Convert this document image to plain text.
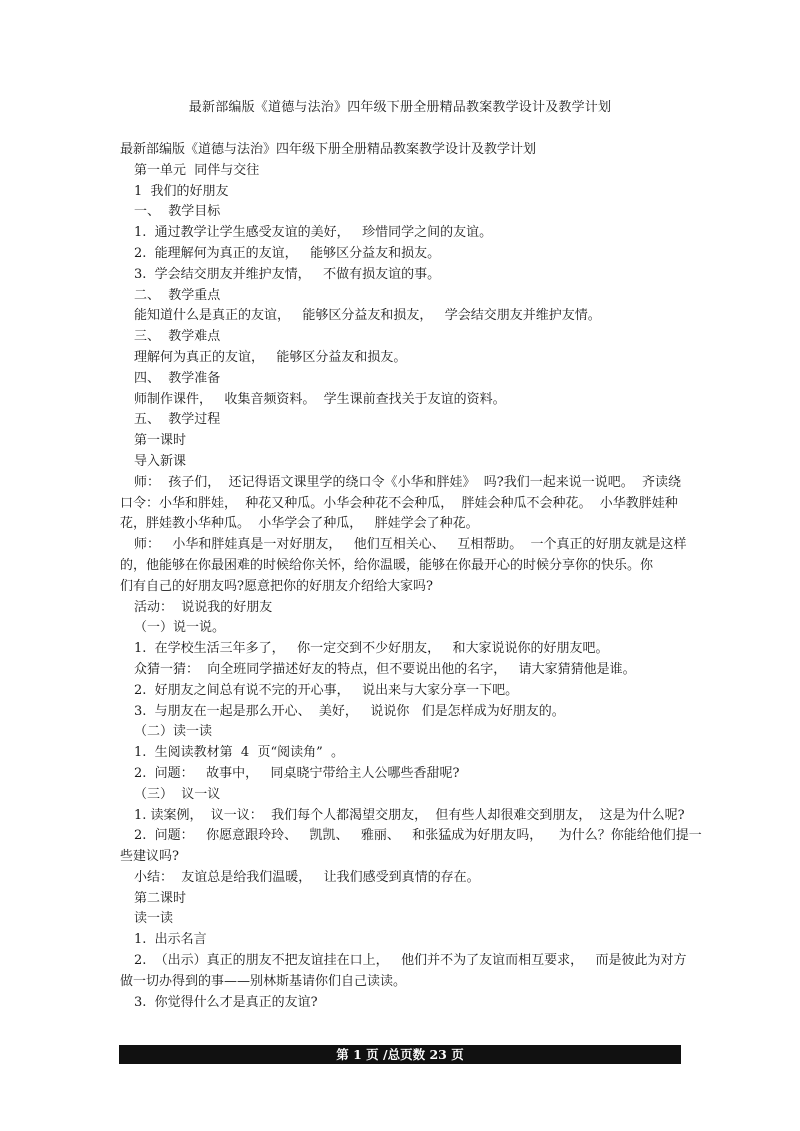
最新部编版《道德与法治》四年级下册全册精品教案教学设计及教学计划
最新部编版《道德与法治》四年级下册全册精品教案教学设计及教学计划
第一单元  同伴与交往
1  我们的好朋友
一、  教学目标
1.  通过教学让学生感受友谊的美好，   珍惜同学之间的友谊。
2.  能理解何为真正的友谊，   能够区分益友和损友。
3.  学会结交朋友并维护友情，   不做有损友谊的事。
二、  教学重点
能知道什么是真正的友谊，   能够区分益友和损友，   学会结交朋友并维护友情。
三、  教学难点
理解何为真正的友谊，   能够区分益友和损友。
四、  教学准备
师制作课件，   收集音频资料。  学生课前查找关于友谊的资料。
五、  教学过程
第一课时
导入新课
师：  孩子们，  还记得语文课里学的绕口令《小华和胖娃》  吗?我们一起来说一说吧。  齐读绕
口令：小华和胖娃，  种花又种瓜。小华会种花不会种瓜，  胖娃会种瓜不会种花。  小华教胖娃种
花，胖娃教小华种瓜。  小华学会了种瓜，   胖娃学会了种花。
师：   小华和胖娃真是一对好朋友，   他们互相关心、   互相帮助。  一个真正的好朋友就是这样
的，他能够在你最困难的时候给你关怀，给你温暖，能够在你最开心的时候分享你的快乐。你
们有自己的好朋友吗?愿意把你的好朋友介绍给大家吗?
活动：  说说我的好朋友
（一）说一说。
1.  在学校生活三年多了，   你一定交到不少好朋友，   和大家说说你的好朋友吧。
众猜一猜：  向全班同学描述好友的特点，但不要说出他的名字，   请大家猜猜他是谁。
2.  好朋友之间总有说不完的开心事，   说出来与大家分享一下吧。
3.  与朋友在一起是那么开心、  美好，   说说你   们是怎样成为好朋友的。
（二）读一读
1.  生阅读教材第  4  页“阅读角”  。
2.  问题：   故事中，   同桌晓宁带给主人公哪些香甜呢?
（三）  议一议
1. 读案例，  议一议：  我们每个人都渴望交朋友，  但有些人却很难交到朋友，  这是为什么呢?
2.  问题：   你愿意跟玲玲、   凯凯、   雅丽、   和张猛成为好朋友吗，    为什么？你能给他们提一
些建议吗?
小结：  友谊总是给我们温暖，   让我们感受到真情的存在。
第二课时
读一读
1.  出示名言
2.  （出示）真正的朋友不把友谊挂在口上，   他们并不为了友谊而相互要求，   而是彼此为对方
做一切办得到的事——别林斯基请你们自己读读。
3.  你觉得什么才是真正的友谊?
第 1 页 /总页数 23 页
